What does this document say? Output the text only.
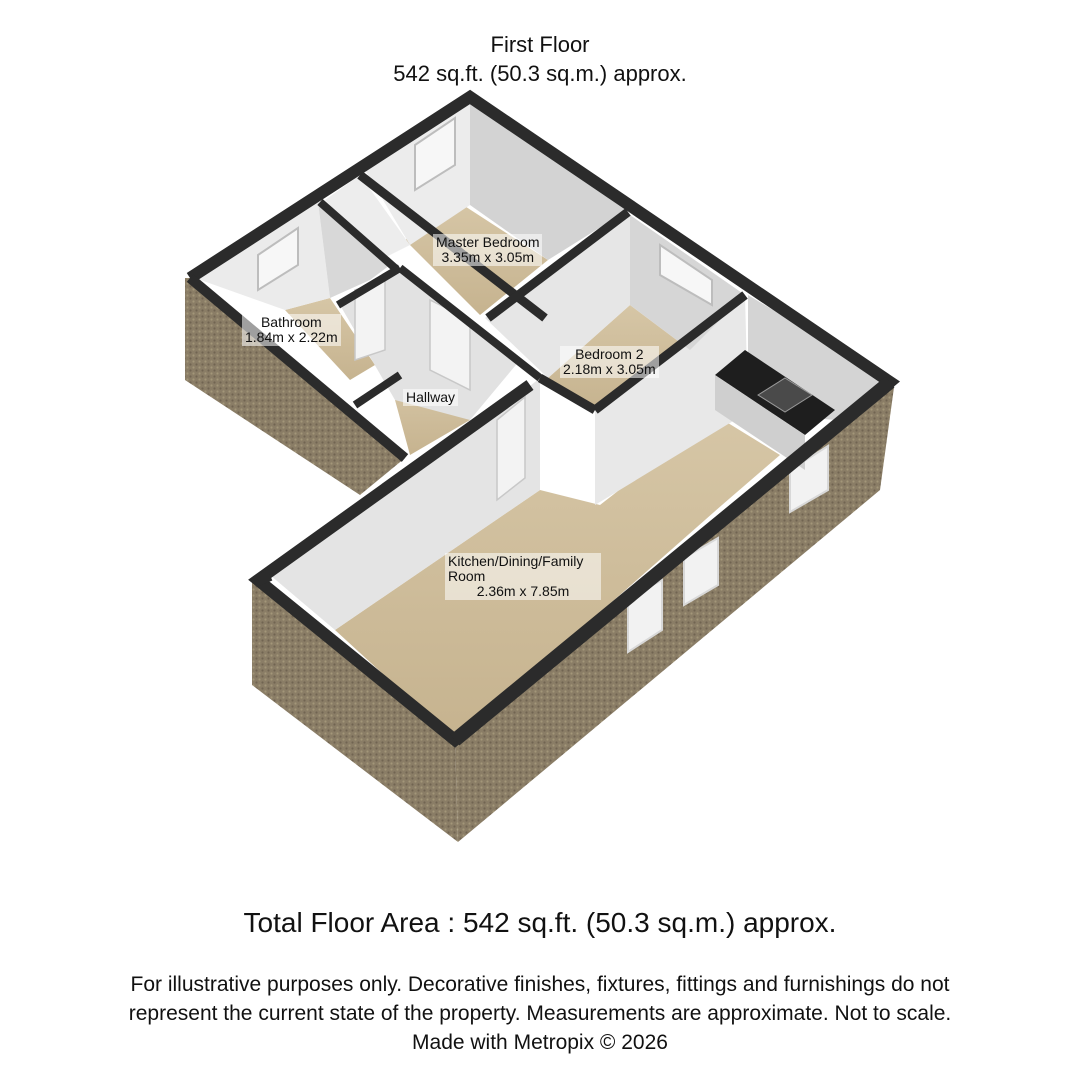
First Floor
542 sq.ft. (50.3 sq.m.) approx.
Master Bedroom
3.35m x 3.05m
Bathroom
1.84m x 2.22m
Bedroom 2
2.18m x 3.05m
Hallway
Kitchen/Dining/Family Room
2.36m x 7.85m
Total Floor Area : 542 sq.ft. (50.3 sq.m.) approx.
For illustrative purposes only. Decorative finishes, fixtures, fittings and furnishings do not
represent the current state of the property. Measurements are approximate. Not to scale.
Made with Metropix © 2026
